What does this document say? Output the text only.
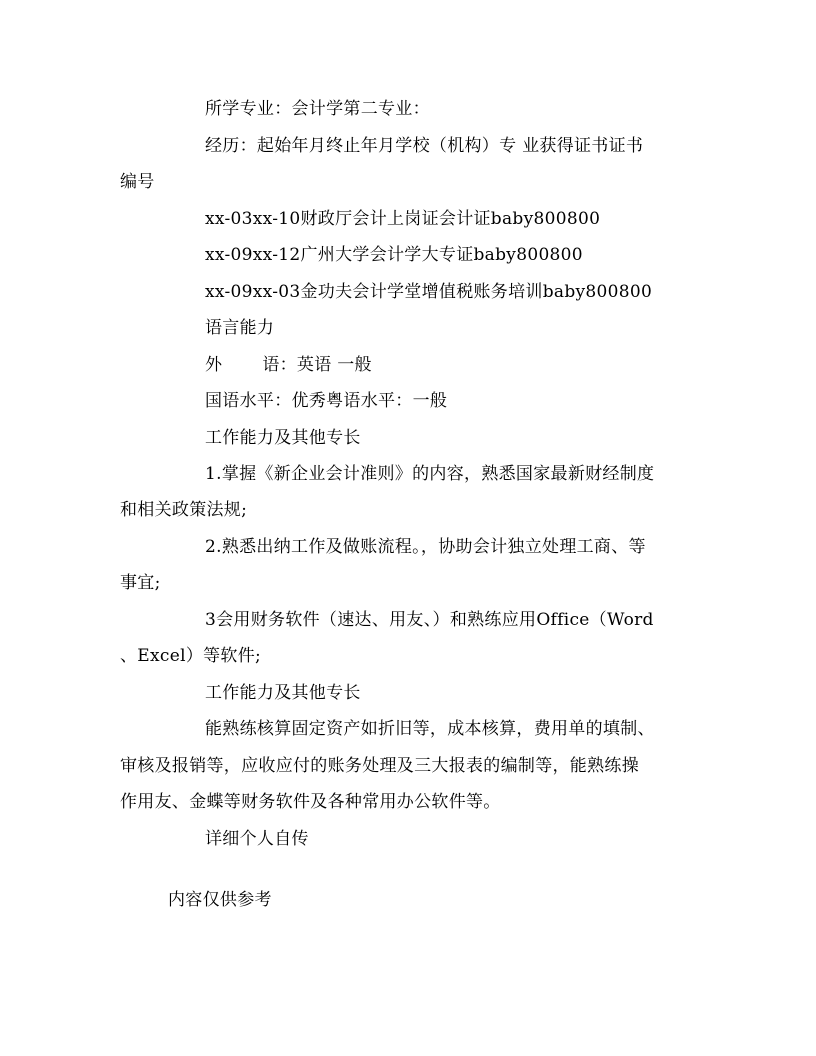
所学专业：会计学第二专业：
经历：起始年月终止年月学校（机构）专 业获得证书证书
编号
xx-03xx-10财政厅会计上岗证会计证baby800800
xx-09xx-12广州大学会计学大专证baby800800
xx-09xx-03金功夫会计学堂增值税账务培训baby800800
语言能力
外 语：英语 一般
国语水平：优秀粤语水平：一般
工作能力及其他专长
1.掌握《新企业会计准则》的内容，熟悉国家最新财经制度
和相关政策法规;
2.熟悉出纳工作及做账流程。，协助会计独立处理工商、等
事宜;
3会用财务软件（速达、用友、）和熟练应用Office（Word
、Excel）等软件;
工作能力及其他专长
能熟练核算固定资产如折旧等，成本核算，费用单的填制、
审核及报销等，应收应付的账务处理及三大报表的编制等，能熟练操
作用友、金蝶等财务软件及各种常用办公软件等。
详细个人自传
内容仅供参考
